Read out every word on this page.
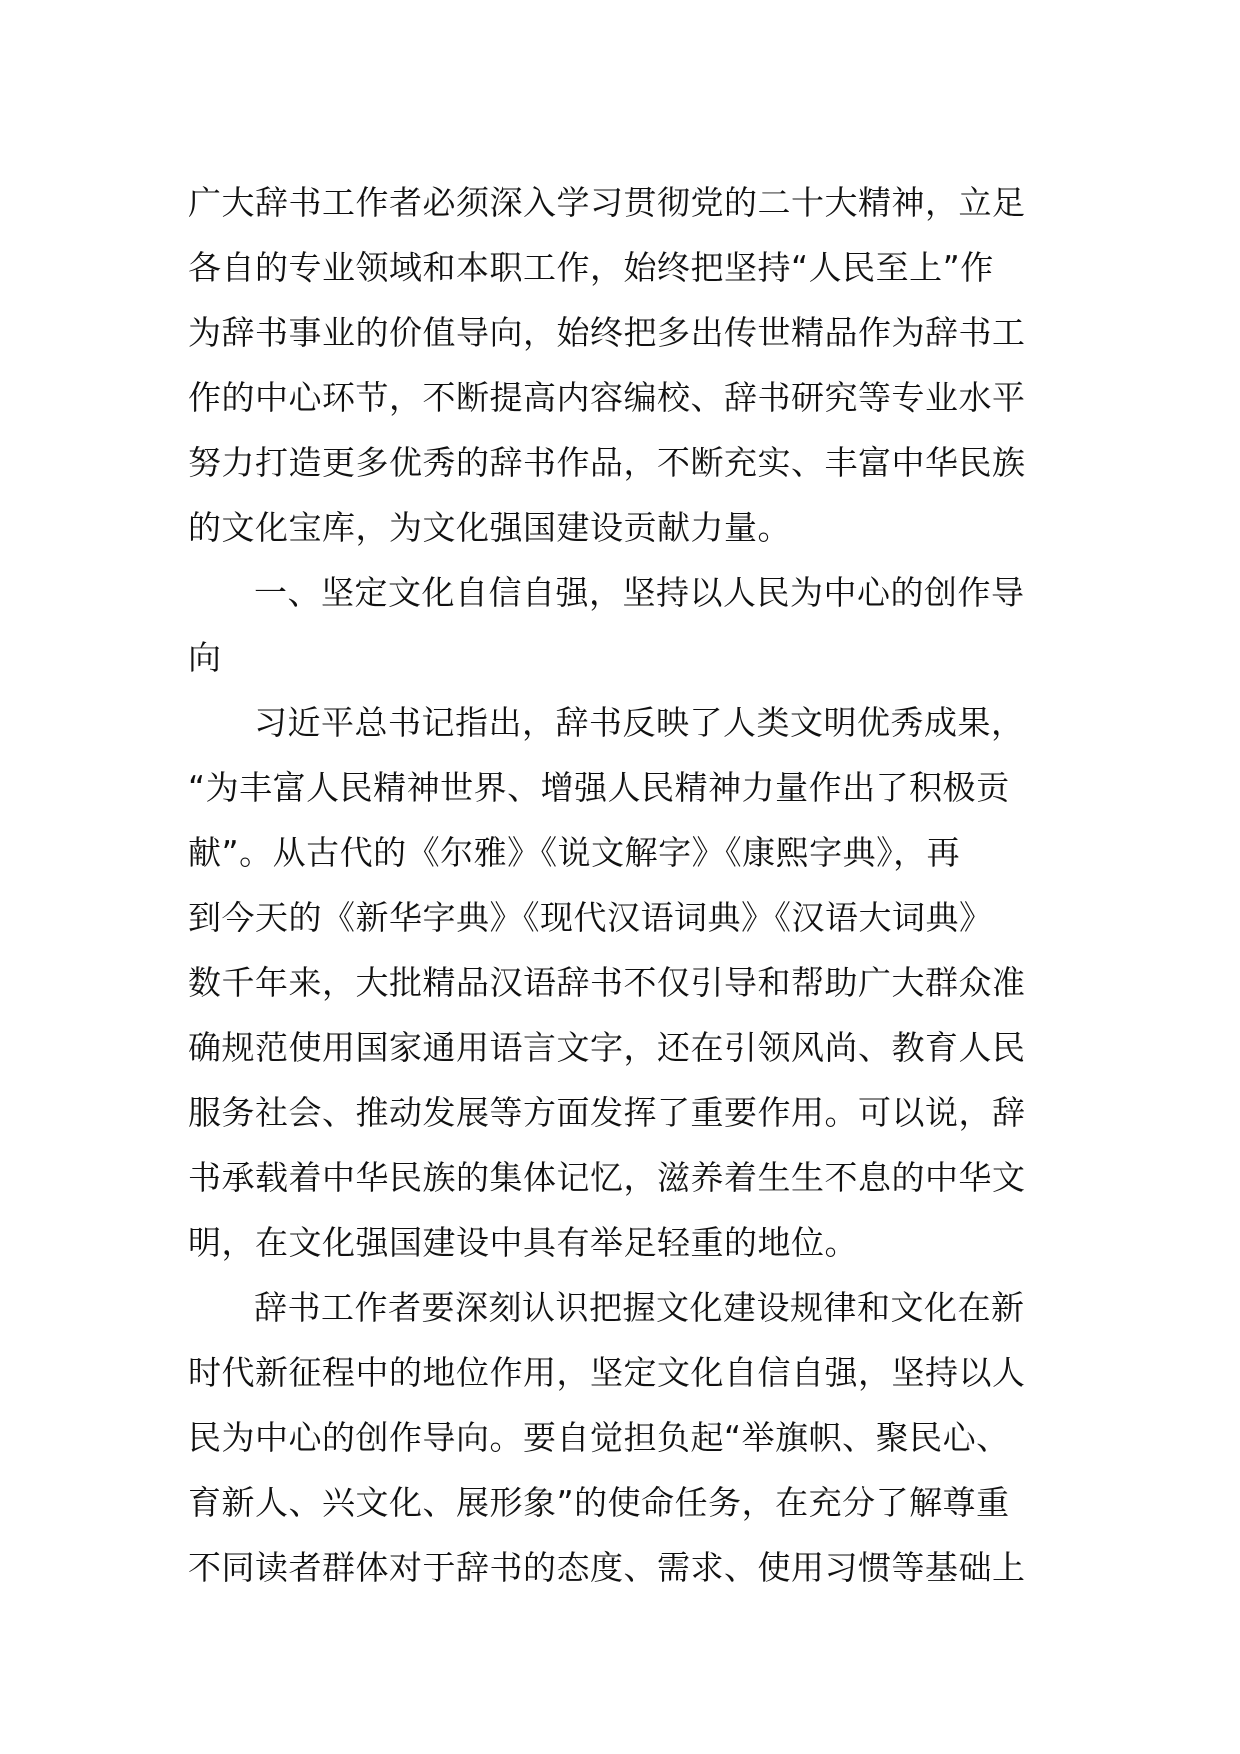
广大辞书工作者必须深入学习贯彻党的二十大精神，立足
各自的专业领域和本职工作，始终把坚持“人民至上”作
为辞书事业的价值导向，始终把多出传世精品作为辞书工
作的中心环节，不断提高内容编校、辞书研究等专业水平
努力打造更多优秀的辞书作品，不断充实、丰富中华民族
的文化宝库，为文化强国建设贡献力量。
一、坚定文化自信自强，坚持以人民为中心的创作导
向
习近平总书记指出，辞书反映了人类文明优秀成果，
“为丰富人民精神世界、增强人民精神力量作出了积极贡
献”。从古代的《尔雅》《说文解字》《康熙字典》，再
到今天的《新华字典》《现代汉语词典》《汉语大词典》
数千年来，大批精品汉语辞书不仅引导和帮助广大群众准
确规范使用国家通用语言文字，还在引领风尚、教育人民
服务社会、推动发展等方面发挥了重要作用。可以说，辞
书承载着中华民族的集体记忆，滋养着生生不息的中华文
明，在文化强国建设中具有举足轻重的地位。
辞书工作者要深刻认识把握文化建设规律和文化在新
时代新征程中的地位作用，坚定文化自信自强，坚持以人
民为中心的创作导向。要自觉担负起“举旗帜、聚民心、
育新人、兴文化、展形象”的使命任务，在充分了解尊重
不同读者群体对于辞书的态度、需求、使用习惯等基础上
